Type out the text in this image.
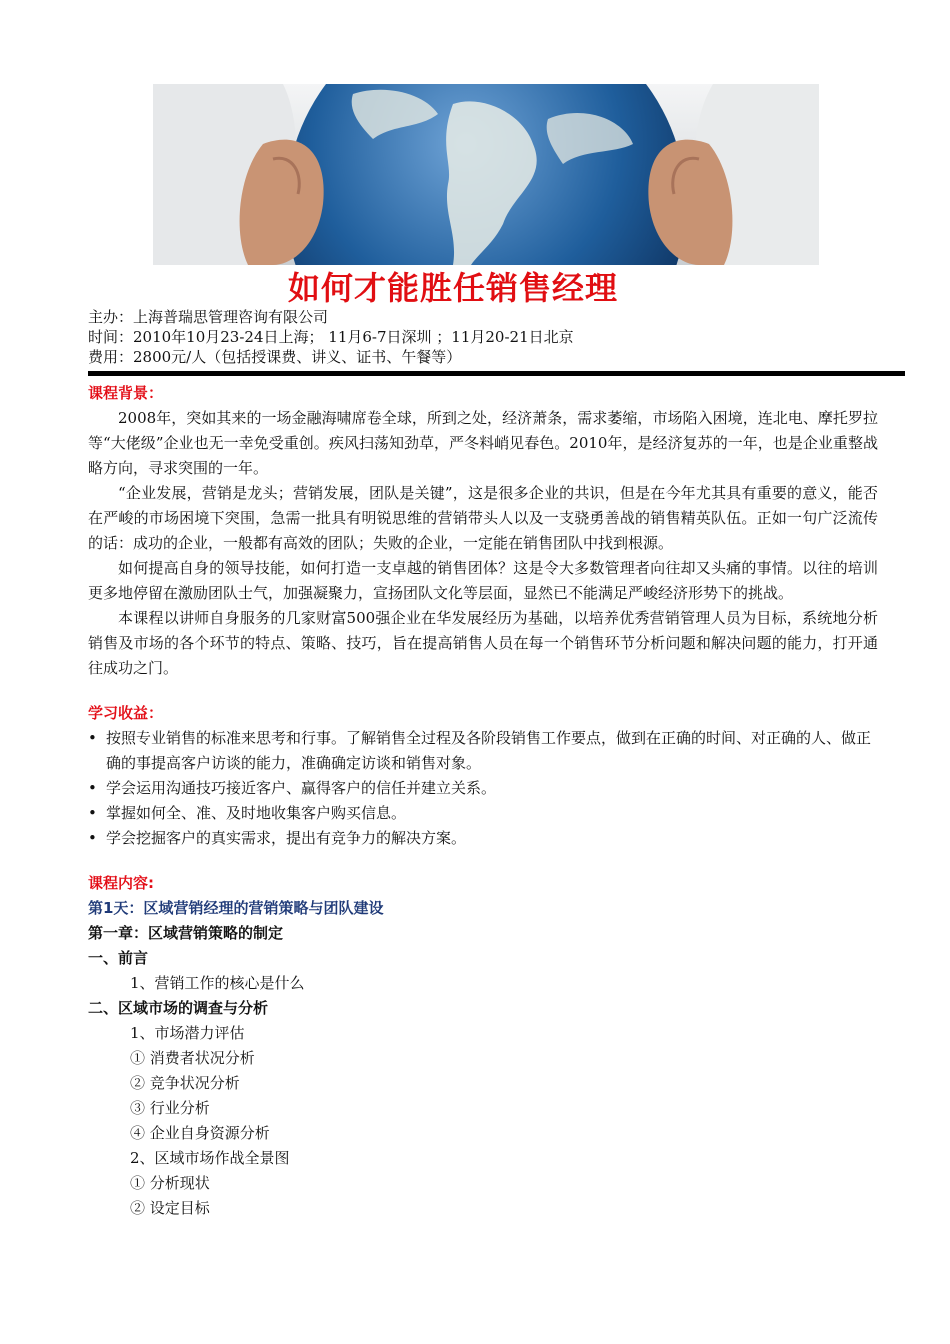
如何才能胜任销售经理
主办：上海普瑞思管理咨询有限公司
时间：2010年10月23-24日上海； 11月6-7日深圳 ；11月20-21日北京
费用：2800元/人（包括授课费、讲义、证书、午餐等）
课程背景：
2008年，突如其来的一场金融海啸席卷全球，所到之处，经济萧条，需求萎缩，市场陷入困境，连北电、摩托罗拉等“大佬级”企业也无一幸免受重创。疾风扫荡知劲草，严冬料峭见春色。2010年，是经济复苏的一年，也是企业重整战略方向，寻求突围的一年。
“企业发展，营销是龙头；营销发展，团队是关键”，这是很多企业的共识，但是在今年尤其具有重要的意义，能否在严峻的市场困境下突围，急需一批具有明锐思维的营销带头人以及一支骁勇善战的销售精英队伍。正如一句广泛流传的话：成功的企业，一般都有高效的团队；失败的企业，一定能在销售团队中找到根源。
如何提高自身的领导技能，如何打造一支卓越的销售团体？这是令大多数管理者向往却又头痛的事情。以往的培训更多地停留在激励团队士气，加强凝聚力，宣扬团队文化等层面，显然已不能满足严峻经济形势下的挑战。
本课程以讲师自身服务的几家财富500强企业在华发展经历为基础，以培养优秀营销管理人员为目标，系统地分析销售及市场的各个环节的特点、策略、技巧，旨在提高销售人员在每一个销售环节分析问题和解决问题的能力，打开通往成功之门。
学习收益：
• 按照专业销售的标准来思考和行事。了解销售全过程及各阶段销售工作要点，做到在正确的时间、对正确的人、做正确的事提高客户访谈的能力，准确确定访谈和销售对象。
• 学会运用沟通技巧接近客户、赢得客户的信任并建立关系。
• 掌握如何全、准、及时地收集客户购买信息。
• 学会挖掘客户的真实需求，提出有竞争力的解决方案。
课程内容:
第1天：区域营销经理的营销策略与团队建设
第一章：区域营销策略的制定
一、前言
1、营销工作的核心是什么
二、区域市场的调查与分析
1、市场潜力评估
① 消费者状况分析
② 竞争状况分析
③ 行业分析
④ 企业自身资源分析
2、区域市场作战全景图
① 分析现状
② 设定目标
